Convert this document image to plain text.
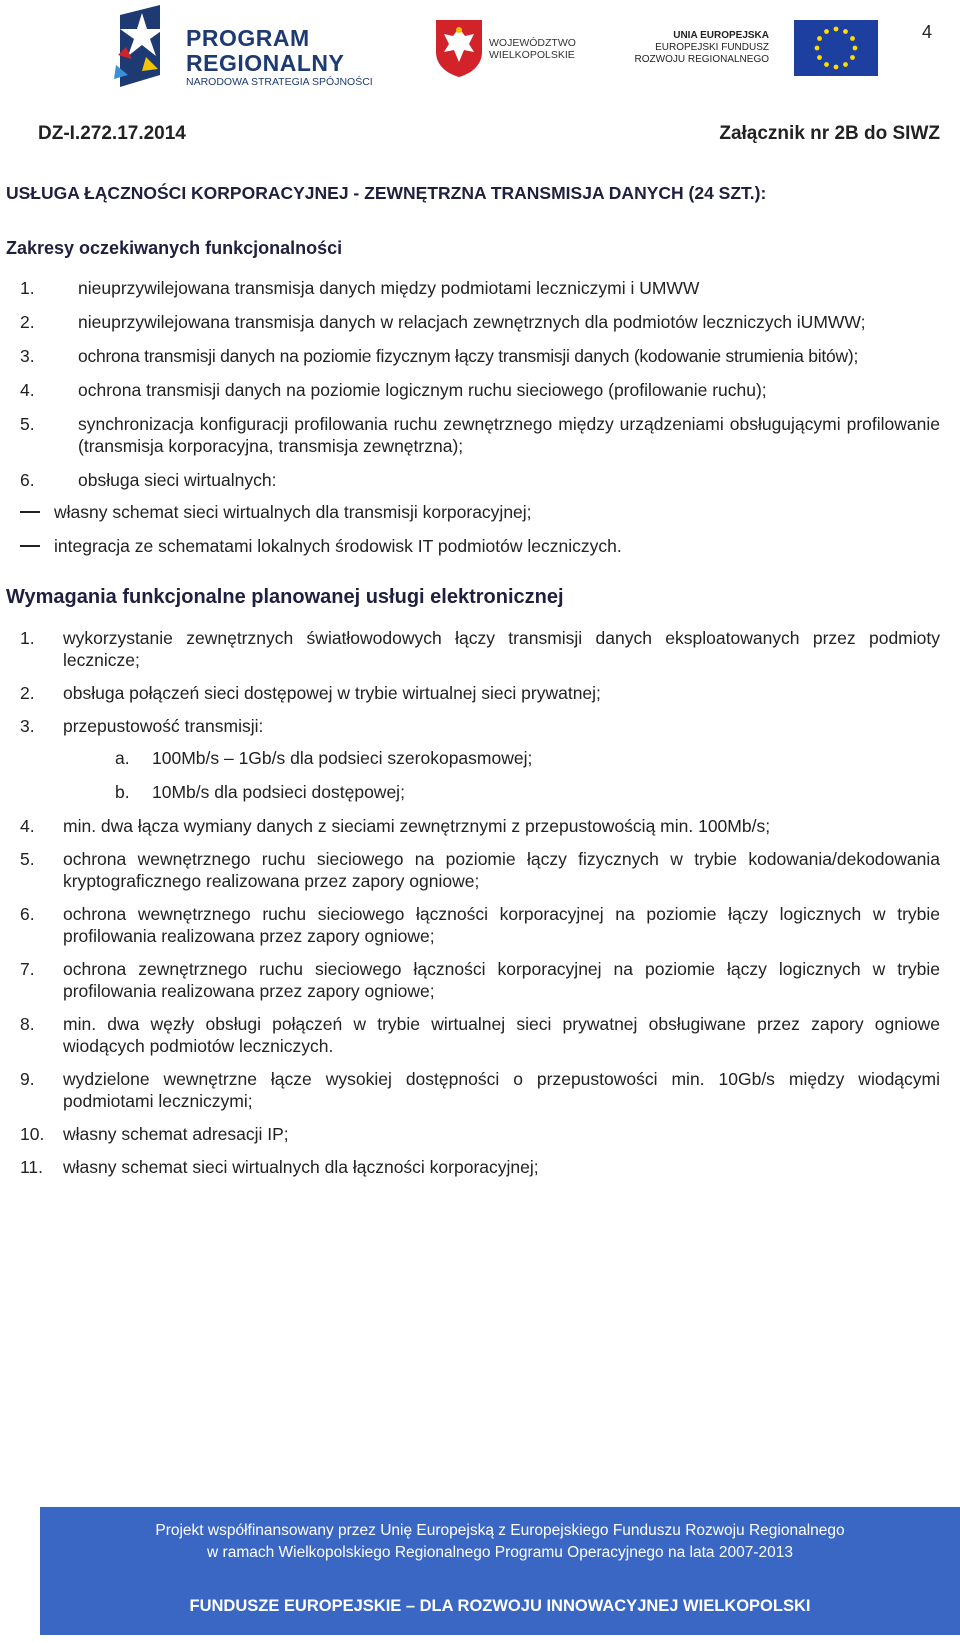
PROGRAM
REGIONALNY
NARODOWA STRATEGIA SPÓJNOŚCI
WOJEWÓDZTWO
WIELKOPOLSKIE
UNIA EUROPEJSKA
EUROPEJSKI FUNDUSZ
ROZWOJU REGIONALNEGO
4
DZ-I.272.17.2014	Załącznik nr 2B do SIWZ
USŁUGA ŁĄCZNOŚCI KORPORACYJNEJ - ZEWNĘTRZNA TRANSMISJA DANYCH (24 SZT.):
Zakresy oczekiwanych funkcjonalności
1.	nieuprzywilejowana transmisja danych między podmiotami leczniczymi i UMWW
2.	nieuprzywilejowana transmisja danych w relacjach zewnętrznych dla podmiotów leczniczych iUMWW;
3.	ochrona transmisji danych na poziomie fizycznym łączy transmisji danych (kodowanie strumienia bitów);
4.	ochrona transmisji danych na poziomie logicznym ruchu sieciowego (profilowanie ruchu);
5.	synchronizacja konfiguracji profilowania ruchu zewnętrznego między urządzeniami obsługującymi profilowanie (transmisja korporacyjna, transmisja zewnętrzna);
6.	obsługa sieci wirtualnych:
własny schemat sieci wirtualnych dla transmisji korporacyjnej;
integracja ze schematami lokalnych środowisk IT podmiotów leczniczych.
Wymagania funkcjonalne planowanej usługi elektronicznej
1.	wykorzystanie zewnętrznych światłowodowych łączy transmisji danych eksploatowanych przez podmioty lecznicze;
2.	obsługa połączeń sieci dostępowej w trybie wirtualnej sieci prywatnej;
3.	przepustowość transmisji:
a. 100Mb/s – 1Gb/s dla podsieci szerokopasmowej;
b. 10Mb/s dla podsieci dostępowej;
4.	min. dwa łącza wymiany danych z sieciami zewnętrznymi z przepustowością min. 100Mb/s;
5.	ochrona wewnętrznego ruchu sieciowego na poziomie łączy fizycznych w trybie kodowania/dekodowania kryptograficznego realizowana przez zapory ogniowe;
6.	ochrona wewnętrznego ruchu sieciowego łączności korporacyjnej na poziomie łączy logicznych w trybie profilowania realizowana przez zapory ogniowe;
7.	ochrona zewnętrznego ruchu sieciowego łączności korporacyjnej na poziomie łączy logicznych w trybie profilowania realizowana przez zapory ogniowe;
8.	min. dwa węzły obsługi połączeń w trybie wirtualnej sieci prywatnej obsługiwane przez zapory ogniowe wiodących podmiotów leczniczych.
9.	wydzielone wewnętrzne łącze wysokiej dostępności o przepustowości min. 10Gb/s między wiodącymi podmiotami leczniczymi;
10.	własny schemat adresacji IP;
11.	własny schemat sieci wirtualnych dla łączności korporacyjnej;
Projekt współfinansowany przez Unię Europejską z Europejskiego Funduszu Rozwoju Regionalnego
w ramach Wielkopolskiego Regionalnego Programu Operacyjnego na lata 2007-2013
FUNDUSZE EUROPEJSKIE – DLA ROZWOJU INNOWACYJNEJ WIELKOPOLSKI
